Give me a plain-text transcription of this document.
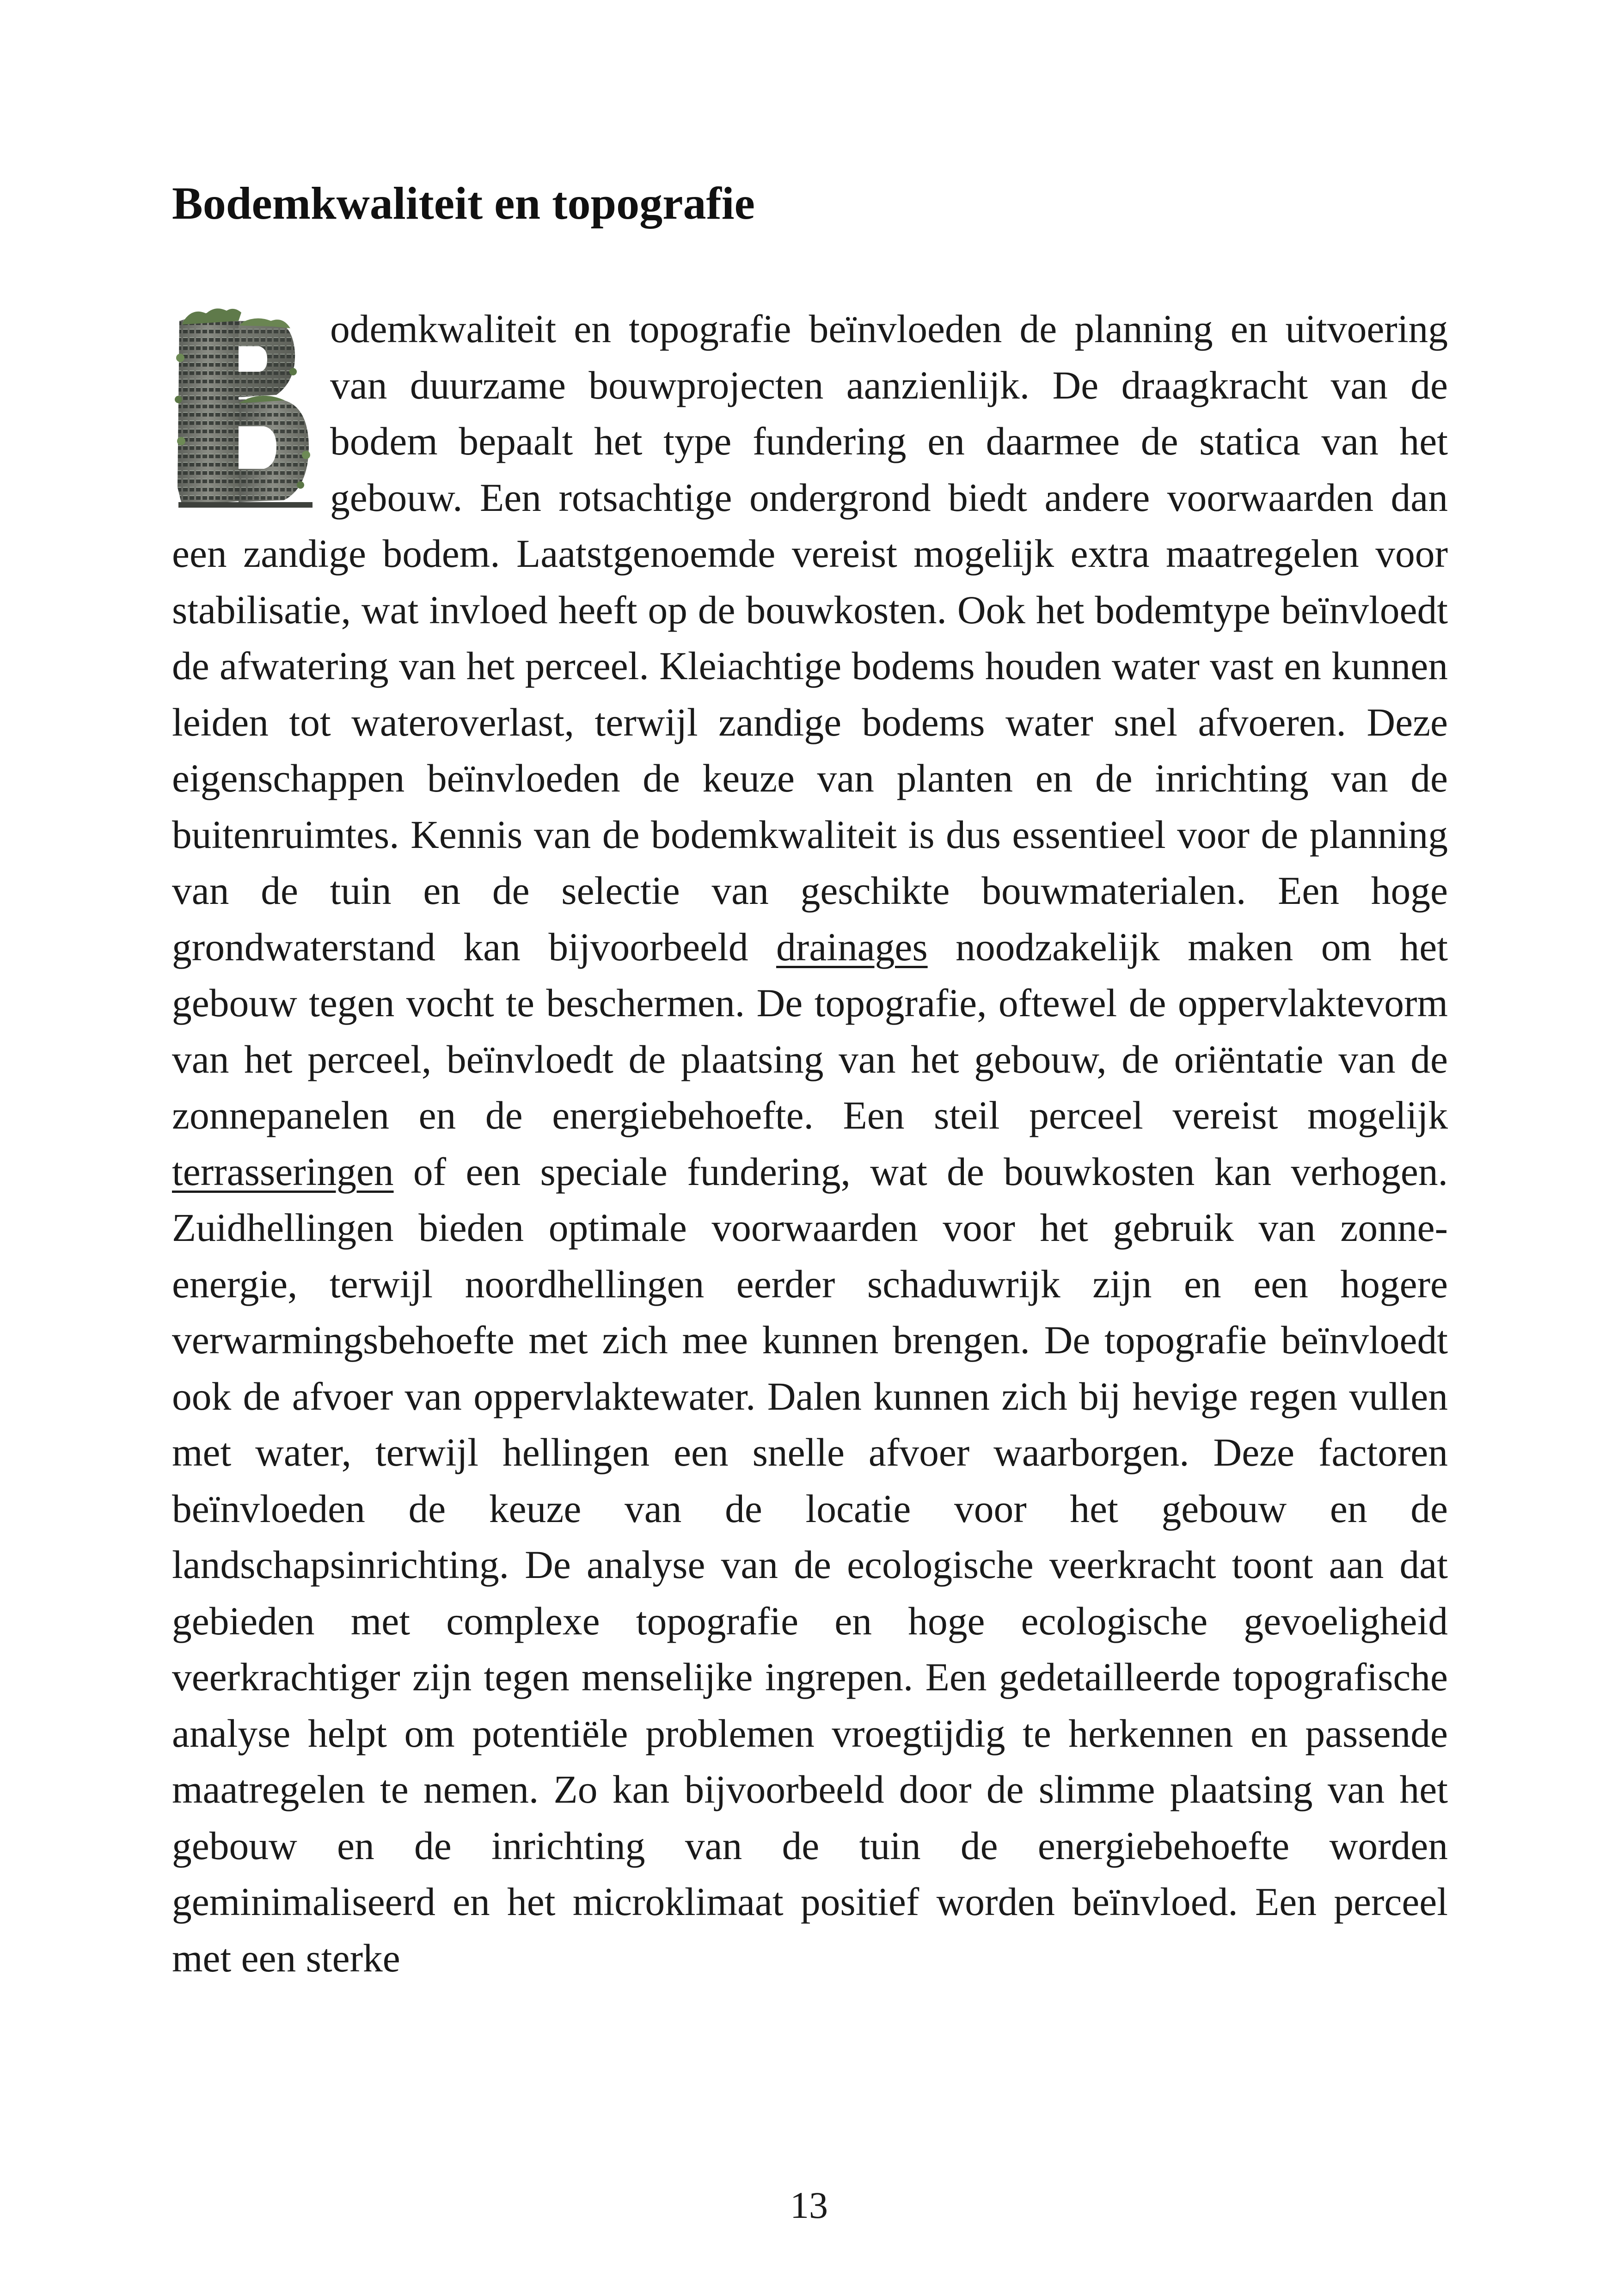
Bodemkwaliteit en topografie

odemkwaliteit en topografie beïnvloeden de planning en uitvoering van duurzame bouwprojecten aanzienlijk. De draagkracht van de bodem bepaalt het type fundering en daarmee de statica van het gebouw. Een rotsachtige ondergrond biedt andere voorwaarden dan een zandige bodem. Laatstgenoemde vereist mogelijk extra maatregelen voor stabilisatie, wat invloed heeft op de bouwkosten. Ook het bodemtype beïnvloedt de afwatering van het perceel. Kleiachtige bodems houden water vast en kunnen leiden tot wateroverlast, terwijl zandige bodems water snel afvoeren. Deze eigenschappen beïnvloeden de keuze van planten en de inrichting van de buitenruimtes. Kennis van de bodemkwaliteit is dus essentieel voor de planning van de tuin en de selectie van geschikte bouwmaterialen. Een hoge grondwaterstand kan bijvoorbeeld drainages noodzakelijk maken om het gebouw tegen vocht te beschermen. De topografie, oftewel de oppervlaktevorm van het perceel, beïnvloedt de plaatsing van het gebouw, de oriëntatie van de zonnepanelen en de energiebehoefte. Een steil perceel vereist mogelijk terrasseringen of een speciale fundering, wat de bouwkosten kan verhogen. Zuidhellingen bieden optimale voorwaarden voor het gebruik van zonne-energie, terwijl noordhellingen eerder schaduwrijk zijn en een hogere verwarmingsbehoefte met zich mee kunnen brengen. De topografie beïnvloedt ook de afvoer van oppervlaktewater. Dalen kunnen zich bij hevige regen vullen met water, terwijl hellingen een snelle afvoer waarborgen. Deze factoren beïnvloeden de keuze van de locatie voor het gebouw en de landschapsinrichting. De analyse van de ecologische veerkracht toont aan dat gebieden met complexe topografie en hoge ecologische gevoeligheid veerkrachtiger zijn tegen menselijke ingrepen. Een gedetailleerde topografische analyse helpt om potentiële problemen vroegtijdig te herkennen en passende maatregelen te nemen. Zo kan bijvoorbeeld door de slimme plaatsing van het gebouw en de inrichting van de tuin de energiebehoefte worden geminimaliseerd en het microklimaat positief worden beïnvloed. Een perceel met een sterke

13
